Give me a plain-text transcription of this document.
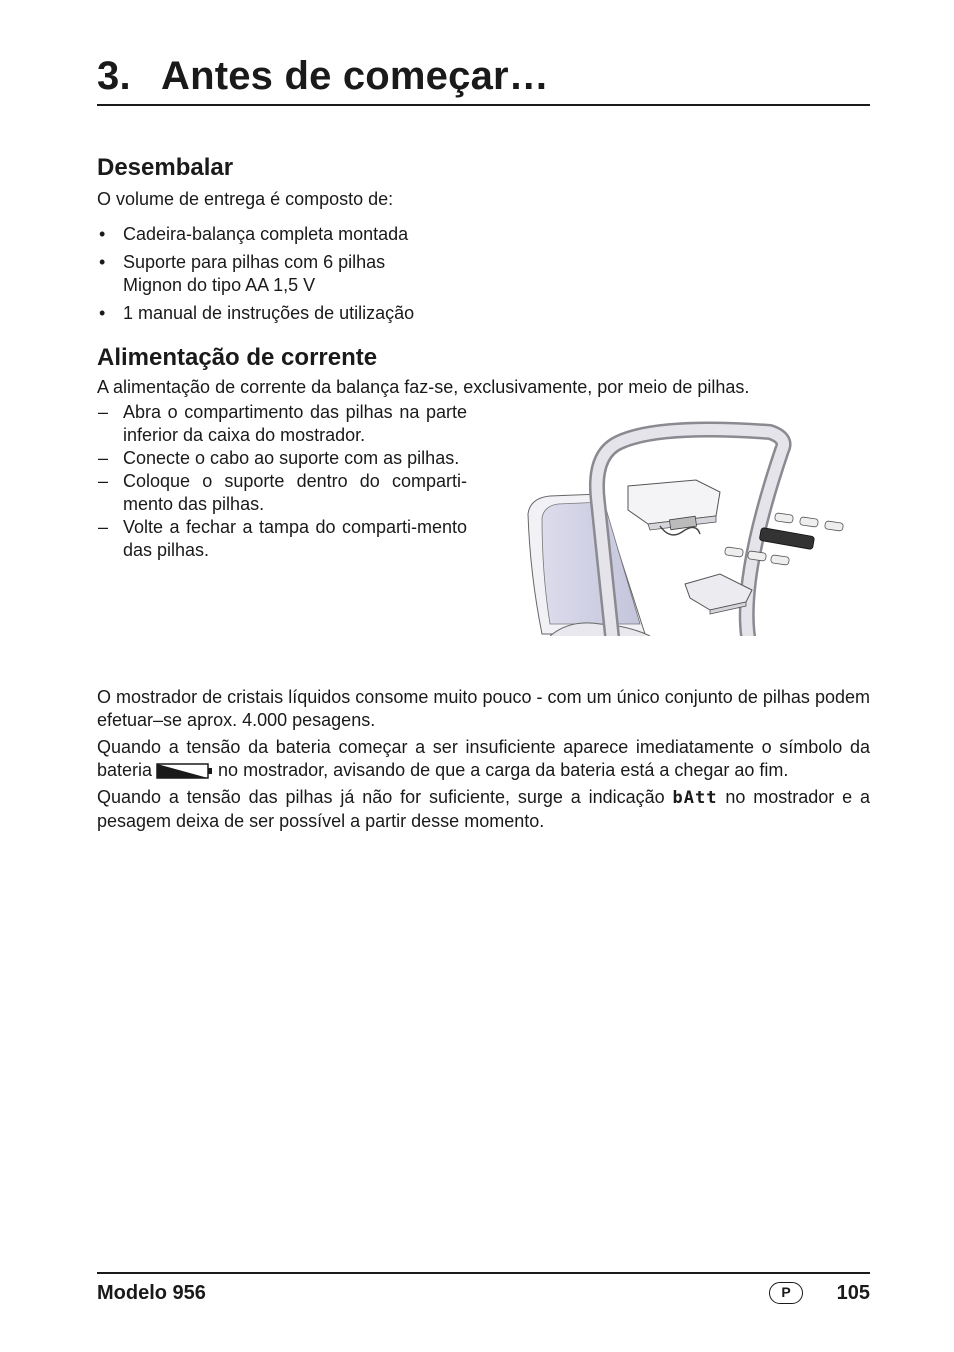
3. Antes de começar…
Desembalar

O volume de entrega é composto de:

• Cadeira-balança completa montada
• Suporte para pilhas com 6 pilhas Mignon do tipo AA 1,5 V
• 1 manual de instruções de utilização
Alimentação de corrente

A alimentação de corrente da balança faz-se, exclusivamente, por meio de pilhas.

– Abra o compartimento das pilhas na parte inferior da caixa do mostrador.
– Conecte o cabo ao suporte com as pilhas.
– Coloque o suporte dentro do comparti-mento das pilhas.
– Volte a fechar a tampa do comparti-mento das pilhas.

O mostrador de cristais líquidos consome muito pouco - com um único conjunto de pilhas podem efetuar–se aprox. 4.000 pesagens.

Quando a tensão da bateria começar a ser insuficiente aparece imediatamente o símbolo da bateria	no mostrador, avisando de que a carga da bateria está a chegar ao fim.

Quando a tensão das pilhas já não for suficiente, surge a indicação bAtt no mostrador e a pesagem deixa de ser possível a partir desse momento.

Modelo 956	P	105
